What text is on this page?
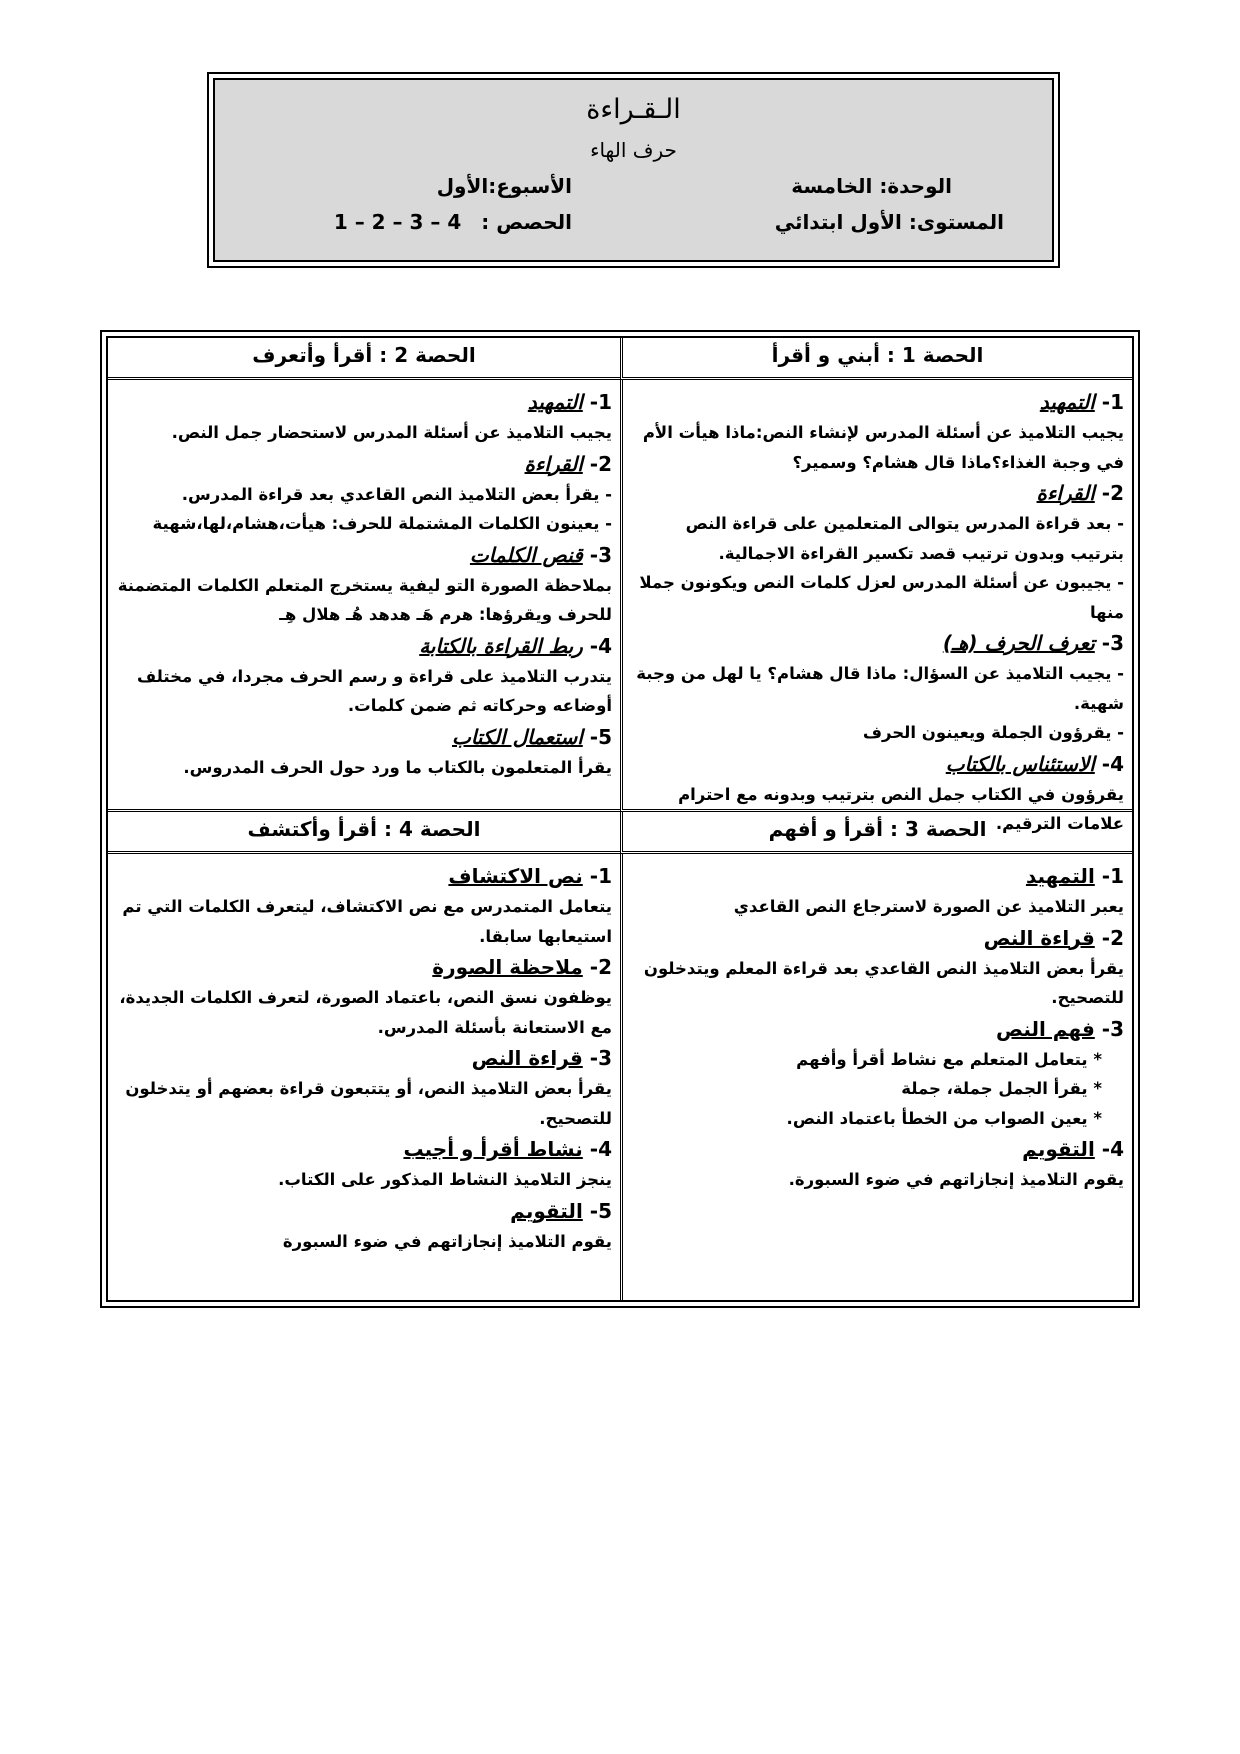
الـقـراءة
حرف الهاء
الوحدة: الخامسة
المستوى: الأول ابتدائي
الأسبوع:الأول
الحصص :1 – 2 – 3 – 4
الحصة 1 : أبني و أقرأ
الحصة 2 : أقرأ وأتعرف
1- التمهيد
يجيب التلاميذ عن أسئلة المدرس لإنشاء النص:ماذا هيأت الأم في وجبة الغذاء؟ماذا قال هشام؟ وسمير؟
2- القراءة
- بعد قراءة المدرس يتوالى المتعلمين على قراءة النص بترتيب وبدون ترتيب قصد تكسير القراءة الاجمالية.
- يجيبون عن أسئلة المدرس لعزل كلمات النص ويكونون جملا منها
3- تعرف الحرف (هـ)
- يجيب التلاميذ عن السؤال: ماذا قال هشام؟ يا لهل من وجبة شهية.
- يقرؤون الجملة ويعينون الحرف
4- الاستئناس بالكتاب
يقرؤون في الكتاب جمل النص بترتيب وبدونه مع احترام علامات الترقيم.
1- التمهيد
يجيب التلاميذ عن أسئلة المدرس لاستحضار جمل النص.
2- القراءة
- يقرأ بعض التلاميذ النص القاعدي بعد قراءة المدرس.
- يعينون الكلمات المشتملة للحرف: هيأت،هشام،لها،شهية
3- قنص الكلمات
بملاحظة الصورة التو ليفية يستخرج المتعلم الكلمات المتضمنة للحرف ويقرؤها: هرم هَـ هدهد هُـ هلال هِـ
4- ربط القراءة بالكتابة
يتدرب التلاميذ على قراءة و رسم الحرف مجردا، في مختلف أوضاعه وحركاته ثم ضمن كلمات.
5- استعمال الكتاب
يقرأ المتعلمون بالكتاب ما ورد حول الحرف المدروس.
الحصة 3 : أقرأ و أفهم
الحصة 4 : أقرأ وأكتشف
1- التمهيد
يعبر التلاميذ عن الصورة لاسترجاع النص القاعدي
2- قراءة النص
يقرأ بعض التلاميذ النص القاعدي بعد قراءة المعلم ويتدخلون للتصحيح.
3- فهم النص
* يتعامل المتعلم مع نشاط أقرأ وأفهم
* يقرأ الجمل جملة، جملة
* يعين الصواب من الخطأ باعتماد النص.
4- التقويم
يقوم التلاميذ إنجازاتهم في ضوء السبورة.
1- نص الاكتشاف
يتعامل المتمدرس مع نص الاكتشاف، ليتعرف الكلمات التي تم استيعابها سابقا.
2- ملاحظة الصورة
يوظفون نسق النص، باعتماد الصورة، لتعرف الكلمات الجديدة، مع الاستعانة بأسئلة المدرس.
3- قراءة النص
يقرأ بعض التلاميذ النص، أو يتتبعون قراءة بعضهم أو يتدخلون للتصحيح.
4- نشاط أقرأ و أجيب
ينجز التلاميذ النشاط المذكور على الكتاب.
5- التقويم
يقوم التلاميذ إنجازاتهم في ضوء السبورة
